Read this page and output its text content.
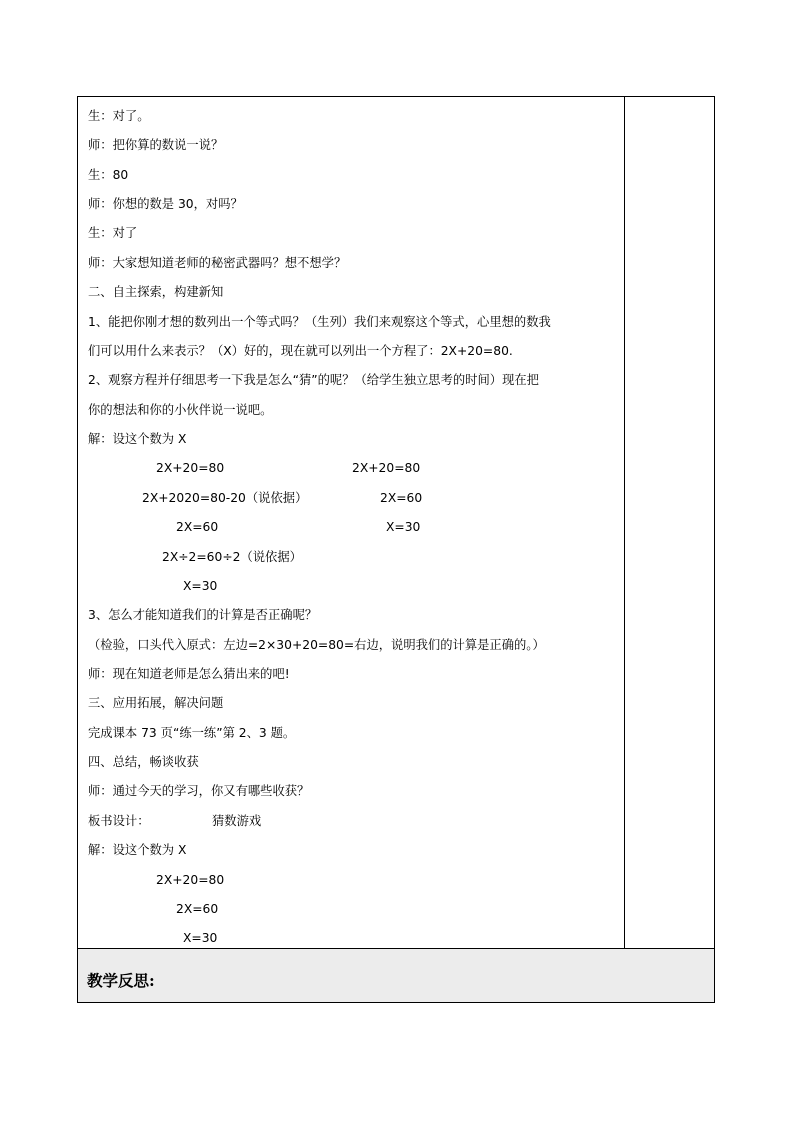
生：对了。
师：把你算的数说一说？
生：80
师：你想的数是 30，对吗？
生：对了
师：大家想知道老师的秘密武器吗？想不想学？
二、自主探索，构建新知
1、能把你刚才想的数列出一个等式吗？（生列）我们来观察这个等式，心里想的数我
们可以用什么来表示？（X）好的，现在就可以列出一个方程了：2X+20=80.
2、观察方程并仔细思考一下我是怎么“猜”的呢？（给学生独立思考的时间）现在把
你的想法和你的小伙伴说一说吧。
解：设这个数为 X
2X+20=80	2X+20=80
2X+2020=80-20（说依据）	2X=60
2X=60	X=30
2X÷2=60÷2（说依据）
X=30
3、怎么才能知道我们的计算是否正确呢？
（检验，口头代入原式：左边=2×30+20=80=右边，说明我们的计算是正确的。）
师：现在知道老师是怎么猜出来的吧!
三、应用拓展，解决问题
完成课本 73 页“练一练”第 2、3 题。
四、总结，畅谈收获
师：通过今天的学习，你又有哪些收获？
板书设计：	猜数游戏
解：设这个数为 X
2X+20=80
2X=60
X=30
教学反思:
